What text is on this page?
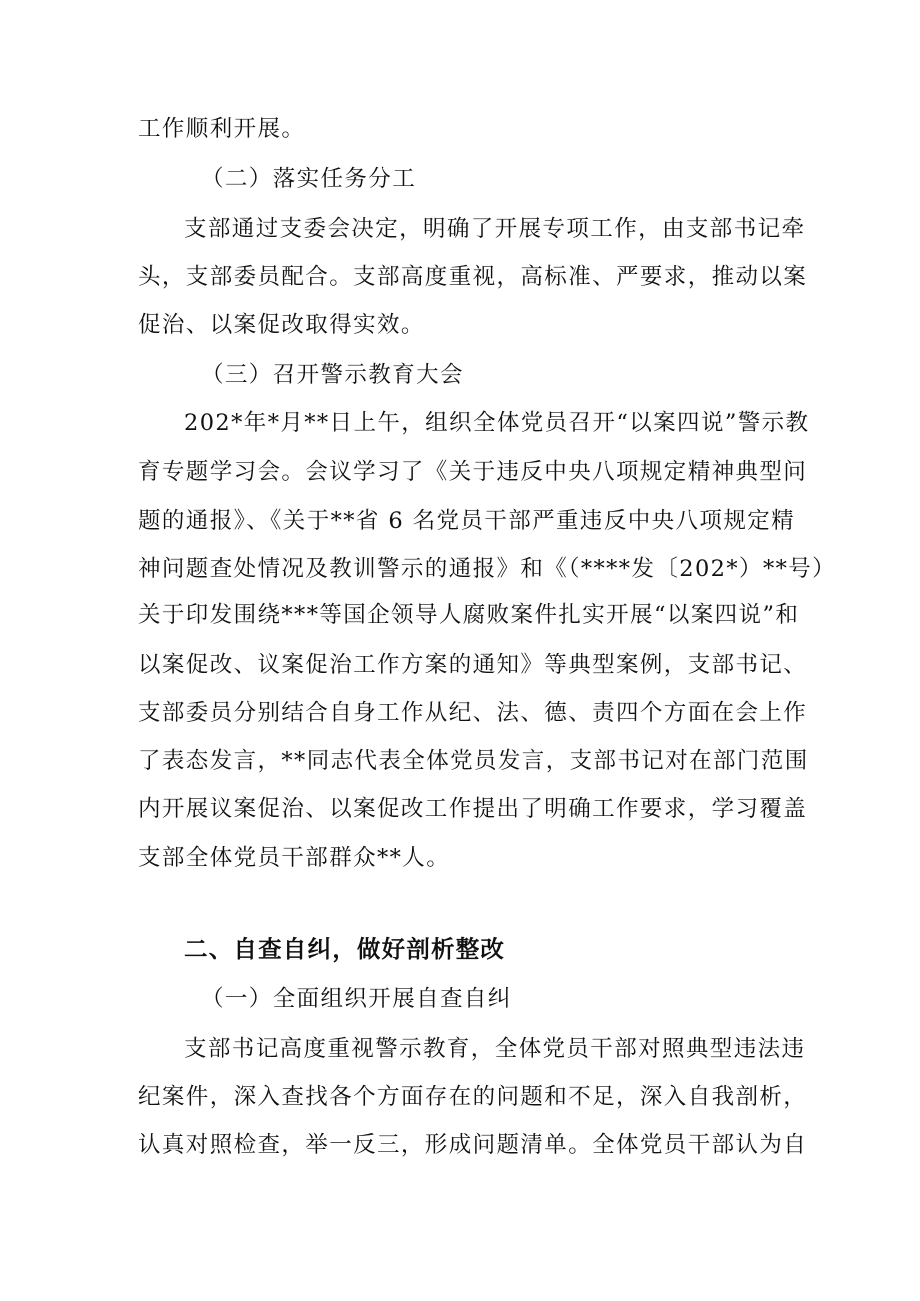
工作顺利开展。
（二）落实任务分工
支部通过支委会决定，明确了开展专项工作，由支部书记牵
头，支部委员配合。支部高度重视，高标准、严要求，推动以案
促治、以案促改取得实效。
（三）召开警示教育大会
202*年*月**日上午，组织全体党员召开“以案四说”警示教
育专题学习会。会议学习了《关于违反中央八项规定精神典型问
题的通报》、《关于**省 6 名党员干部严重违反中央八项规定精
神问题查处情况及教训警示的通报》和《（****发〔202*）**号）
关于印发围绕***等国企领导人腐败案件扎实开展“以案四说”和
以案促改、议案促治工作方案的通知》等典型案例，支部书记、
支部委员分别结合自身工作从纪、法、德、责四个方面在会上作
了表态发言，**同志代表全体党员发言，支部书记对在部门范围
内开展议案促治、以案促改工作提出了明确工作要求，学习覆盖
支部全体党员干部群众**人。
二、自查自纠，做好剖析整改
（一）全面组织开展自查自纠
支部书记高度重视警示教育，全体党员干部对照典型违法违
纪案件，深入查找各个方面存在的问题和不足，深入自我剖析，
认真对照检查，举一反三，形成问题清单。全体党员干部认为自
